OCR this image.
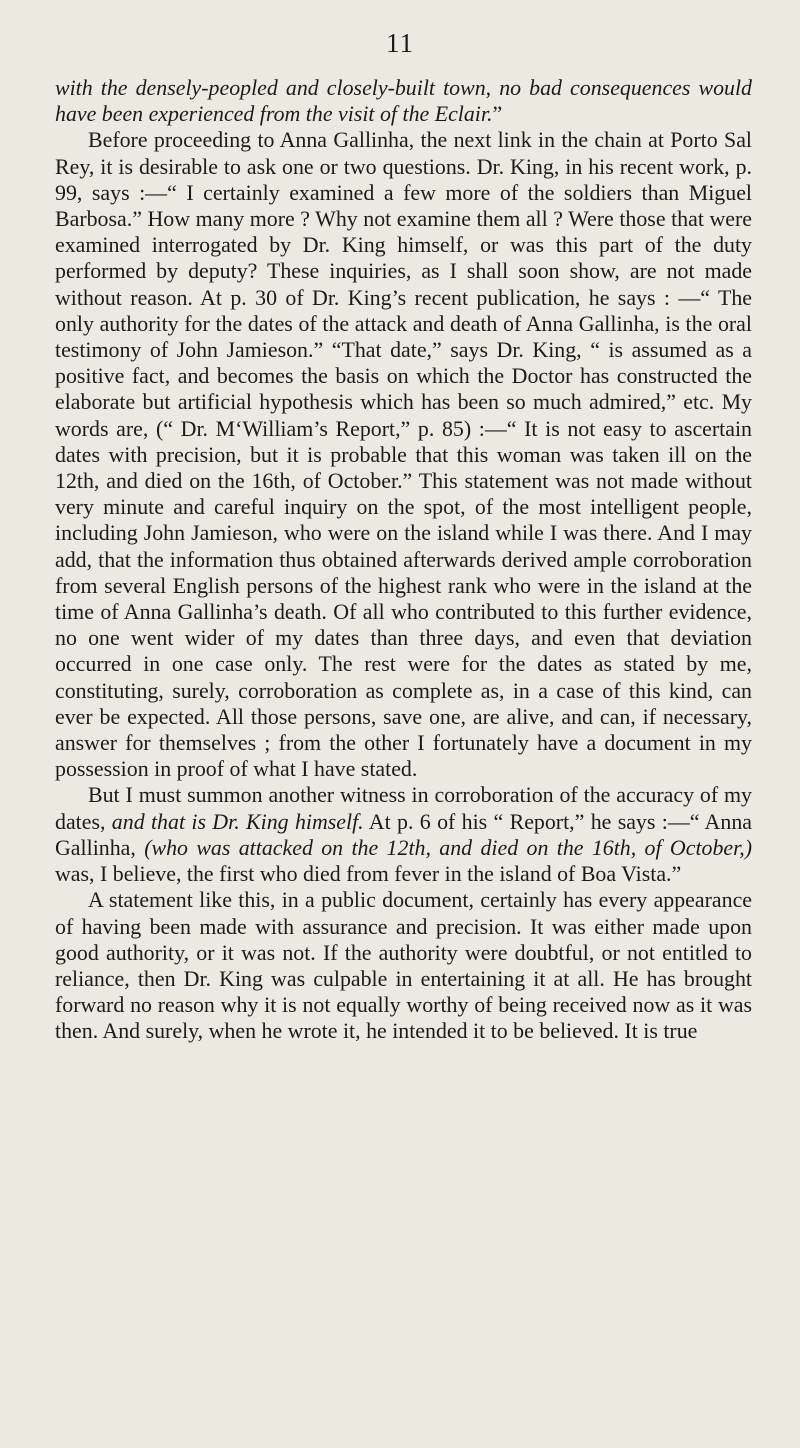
11

with the densely-peopled and closely-built town, no bad consequences would have been experienced from the visit of the Eclair.”

Before proceeding to Anna Gallinha, the next link in the chain at Porto Sal Rey, it is desirable to ask one or two questions. Dr. King, in his recent work, p. 99, says :—“ I certainly examined a few more of the soldiers than Miguel Barbosa.” How many more ? Why not examine them all ? Were those that were examined interrogated by Dr. King himself, or was this part of the duty performed by deputy? These inquiries, as I shall soon show, are not made without reason. At p. 30 of Dr. King’s recent publication, he says : —“ The only authority for the dates of the attack and death of Anna Gallinha, is the oral testimony of John Jamieson.” “That date,” says Dr. King, “ is assumed as a positive fact, and becomes the basis on which the Doctor has constructed the elaborate but artificial hypothesis which has been so much admired,” etc. My words are, (“ Dr. M‘William’s Report,” p. 85) :—“ It is not easy to ascertain dates with precision, but it is probable that this woman was taken ill on the 12th, and died on the 16th, of October.” This statement was not made without very minute and careful inquiry on the spot, of the most intelligent people, including John Jamieson, who were on the island while I was there. And I may add, that the information thus obtained afterwards derived ample corroboration from several English persons of the highest rank who were in the island at the time of Anna Gallinha’s death. Of all who contributed to this further evidence, no one went wider of my dates than three days, and even that deviation occurred in one case only. The rest were for the dates as stated by me, constituting, surely, corroboration as complete as, in a case of this kind, can ever be expected. All those persons, save one, are alive, and can, if necessary, answer for themselves ; from the other I fortunately have a document in my possession in proof of what I have stated.

But I must summon another witness in corroboration of the accuracy of my dates, and that is Dr. King himself. At p. 6 of his “ Report,” he says :—“ Anna Gallinha, (who was attacked on the 12th, and died on the 16th, of October,) was, I believe, the first who died from fever in the island of Boa Vista.”

A statement like this, in a public document, certainly has every appearance of having been made with assurance and precision. It was either made upon good authority, or it was not. If the authority were doubtful, or not entitled to reliance, then Dr. King was culpable in entertaining it at all. He has brought forward no reason why it is not equally worthy of being received now as it was then. And surely, when he wrote it, he intended it to be believed. It is true
